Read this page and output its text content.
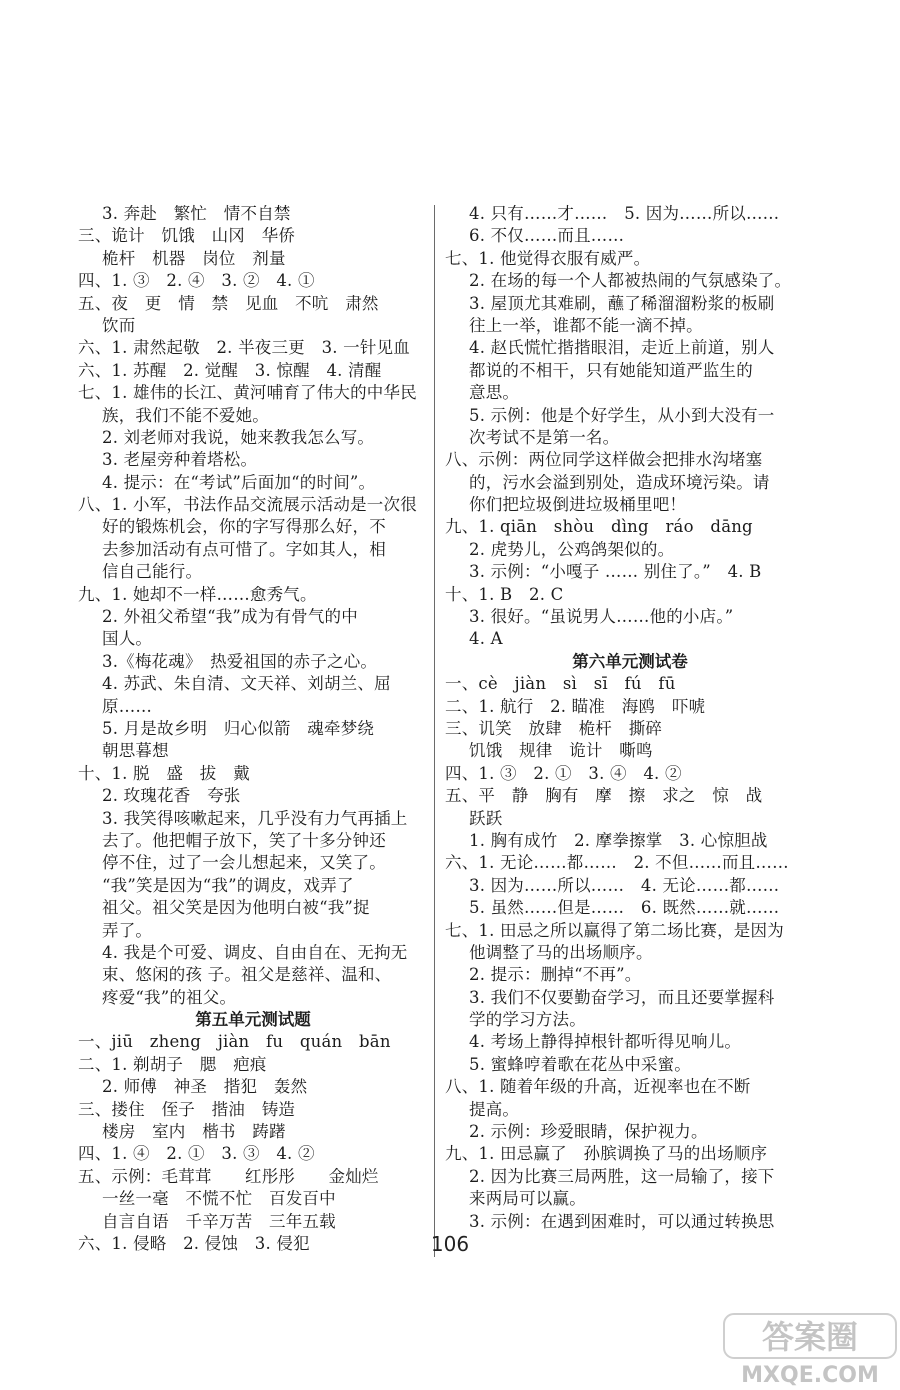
3. 奔赴　繁忙　情不自禁
三、诡计　饥饿　山冈　华侨
桅杆　机器　岗位　剂量
四、1. ③　2. ④　3. ②　4. ①
五、夜　更　情　禁　见血　不吭　肃然
饮而
六、1. 肃然起敬　2. 半夜三更　3. 一针见血
六、1. 苏醒　2. 觉醒　3. 惊醒　4. 清醒
七、1. 雄伟的长江、黄河哺育了伟大的中华民
族，我们不能不爱她。
2. 刘老师对我说，她来教我怎么写。
3. 老屋旁种着塔松。
4. 提示：在“考试”后面加“的时间”。
八、1. 小军，书法作品交流展示活动是一次很
好的锻炼机会，你的字写得那么好，不
去参加活动有点可惜了。字如其人，相
信自己能行。
九、1. 她却不一样……愈秀气。
2. 外祖父希望“我”成为有骨气的中
国人。
3.《梅花魂》　热爱祖国的赤子之心。
4. 苏武、朱自清、文天祥、刘胡兰、屈
原……
5. 月是故乡明　归心似箭　魂牵梦绕
朝思暮想
十、1. 脱　盛　拔　戴
2. 玫瑰花香　夸张
3. 我笑得咳嗽起来，几乎没有力气再插上
去了。他把帽子放下，笑了十多分钟还
停不住，过了一会儿想起来，又笑了。
“我”笑是因为“我”的调皮，戏弄了
祖父。祖父笑是因为他明白被“我”捉
弄了。
4. 我是个可爱、调皮、自由自在、无拘无
束、悠闲的孩 子。祖父是慈祥、温和、
疼爱“我”的祖父。
第五单元测试题
一、jiū　zheng　jiàn　fu　quán　bān
二、1. 剃胡子　腮　疤痕
2. 师傅　神圣　揩犯　轰然
三、搂住　侄子　揩油　铸造
楼房　室内　楷书　踌躇
四、1. ④　2. ①　3. ③　4. ②
五、示例：毛茸茸　　红彤彤　　金灿烂
一丝一毫　不慌不忙　百发百中
自言自语　千辛万苦　三年五载
六、1. 侵略　2. 侵蚀　3. 侵犯
4. 只有……才……　5. 因为……所以……
6. 不仅……而且……
七、1. 他觉得衣服有威严。
2. 在场的每一个人都被热闹的气氛感染了。
3. 屋顶尤其难刷，蘸了稀溜溜粉浆的板刷
往上一举，谁都不能一滴不掉。
4. 赵氏慌忙揩揩眼泪，走近上前道，别人
都说的不相干，只有她能知道严监生的
意思。
5. 示例：他是个好学生，从小到大没有一
次考试不是第一名。
八、示例：两位同学这样做会把排水沟堵塞
的，污水会溢到别处，造成环境污染。请
你们把垃圾倒进垃圾桶里吧！
九、1. qiān　shòu　dìng　ráo　dāng
2. 虎势儿，公鸡鸽架似的。
3. 示例：“小嘎子 …… 别住了。”　4. B
十、1. B　2. C
3. 很好。“虽说男人……他的小店。”
4. A
第六单元测试卷
一、cè　jiàn　sì　sī　fú　fū
二、1. 航行　2. 瞄准　海鸥　吓唬
三、讥笑　放肆　桅杆　撕碎
饥饿　规律　诡计　嘶鸣
四、1. ③　2. ①　3. ④　4. ②
五、平　静　胸有　摩　擦　求之　惊　战
跃跃
1. 胸有成竹　2. 摩拳擦掌　3. 心惊胆战
六、1. 无论……都……　2. 不但……而且……
3. 因为……所以……　4. 无论……都……
5. 虽然……但是……　6. 既然……就……
七、1. 田忌之所以赢得了第二场比赛，是因为
他调整了马的出场顺序。
2. 提示：删掉“不再”。
3. 我们不仅要勤奋学习，而且还要掌握科
学的学习方法。
4. 考场上静得掉根针都听得见响儿。
5. 蜜蜂哼着歌在花丛中采蜜。
八、1. 随着年级的升高，近视率也在不断
提高。
2. 示例：珍爱眼睛，保护视力。
九、1. 田忌赢了　孙膑调换了马的出场顺序
2. 因为比赛三局两胜，这一局输了，接下
来两局可以赢。
3. 示例：在遇到困难时，可以通过转换思
106
答案圈
MXQE.COM
